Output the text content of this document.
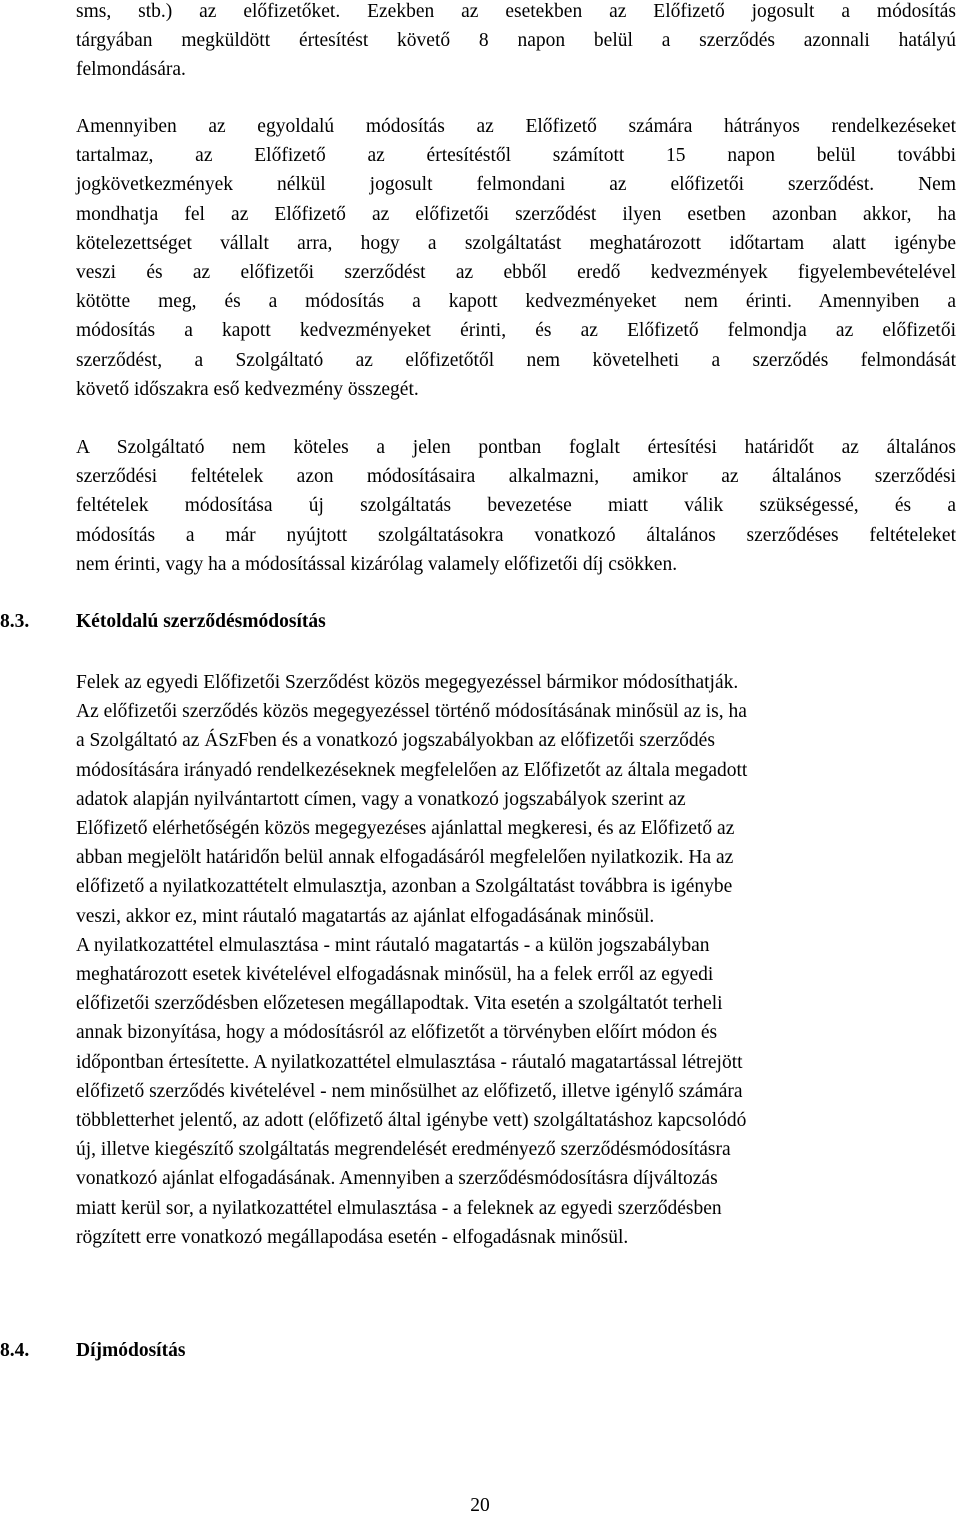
sms, stb.) az előfizetőket. Ezekben az esetekben az Előfizető jogosult a módosítás
tárgyában megküldött értesítést követő 8 napon belül a szerződés azonnali hatályú
felmondására.
Amennyiben az egyoldalú módosítás az Előfizető számára hátrányos rendelkezéseket
tartalmaz, az Előfizető az értesítéstől számított 15 napon belül további
jogkövetkezmények nélkül jogosult felmondani az előfizetői szerződést. Nem
mondhatja fel az Előfizető az előfizetői szerződést ilyen esetben azonban akkor, ha
kötelezettséget vállalt arra, hogy a szolgáltatást meghatározott időtartam alatt igénybe
veszi és az előfizetői szerződést az ebből eredő kedvezmények figyelembevételével
kötötte meg, és a módosítás a kapott kedvezményeket nem érinti. Amennyiben a
módosítás a kapott kedvezményeket érinti, és az Előfizető felmondja az előfizetői
szerződést, a Szolgáltató az előfizetőtől nem követelheti a szerződés felmondását
követő időszakra eső kedvezmény összegét.
A Szolgáltató nem köteles a jelen pontban foglalt értesítési határidőt az általános
szerződési feltételek azon módosításaira alkalmazni, amikor az általános szerződési
feltételek módosítása új szolgáltatás bevezetése miatt válik szükségessé, és a
módosítás a már nyújtott szolgáltatásokra vonatkozó általános szerződéses feltételeket
nem érinti, vagy ha a módosítással kizárólag valamely előfizetői díj csökken.
8.3. Kétoldalú szerződésmódosítás
Felek az egyedi Előfizetői Szerződést közös megegyezéssel bármikor módosíthatják.
Az előfizetői szerződés közös megegyezéssel történő módosításának minősül az is, ha
a Szolgáltató az ÁSzFben és a vonatkozó jogszabályokban az előfizetői szerződés
módosítására irányadó rendelkezéseknek megfelelően az Előfizetőt az általa megadott
adatok alapján nyilvántartott címen, vagy a vonatkozó jogszabályok szerint az
Előfizető elérhetőségén közös megegyezéses ajánlattal megkeresi, és az Előfizető az
abban megjelölt határidőn belül annak elfogadásáról megfelelően nyilatkozik. Ha az
előfizető a nyilatkozattételt elmulasztja, azonban a Szolgáltatást továbbra is igénybe
veszi, akkor ez, mint ráutaló magatartás az ajánlat elfogadásának minősül.
A nyilatkozattétel elmulasztása - mint ráutaló magatartás - a külön jogszabályban
meghatározott esetek kivételével elfogadásnak minősül, ha a felek erről az egyedi
előfizetői szerződésben előzetesen megállapodtak. Vita esetén a szolgáltatót terheli
annak bizonyítása, hogy a módosításról az előfizetőt a törvényben előírt módon és
időpontban értesítette. A nyilatkozattétel elmulasztása - ráutaló magatartással létrejött
előfizető szerződés kivételével - nem minősülhet az előfizető, illetve igénylő számára
többletterhet jelentő, az adott (előfizető által igénybe vett) szolgáltatáshoz kapcsolódó
új, illetve kiegészítő szolgáltatás megrendelését eredményező szerződésmódosításra
vonatkozó ajánlat elfogadásának. Amennyiben a szerződésmódosításra díjváltozás
miatt kerül sor, a nyilatkozattétel elmulasztása - a feleknek az egyedi szerződésben
rögzített erre vonatkozó megállapodása esetén - elfogadásnak minősül.
8.4. Díjmódosítás
20
